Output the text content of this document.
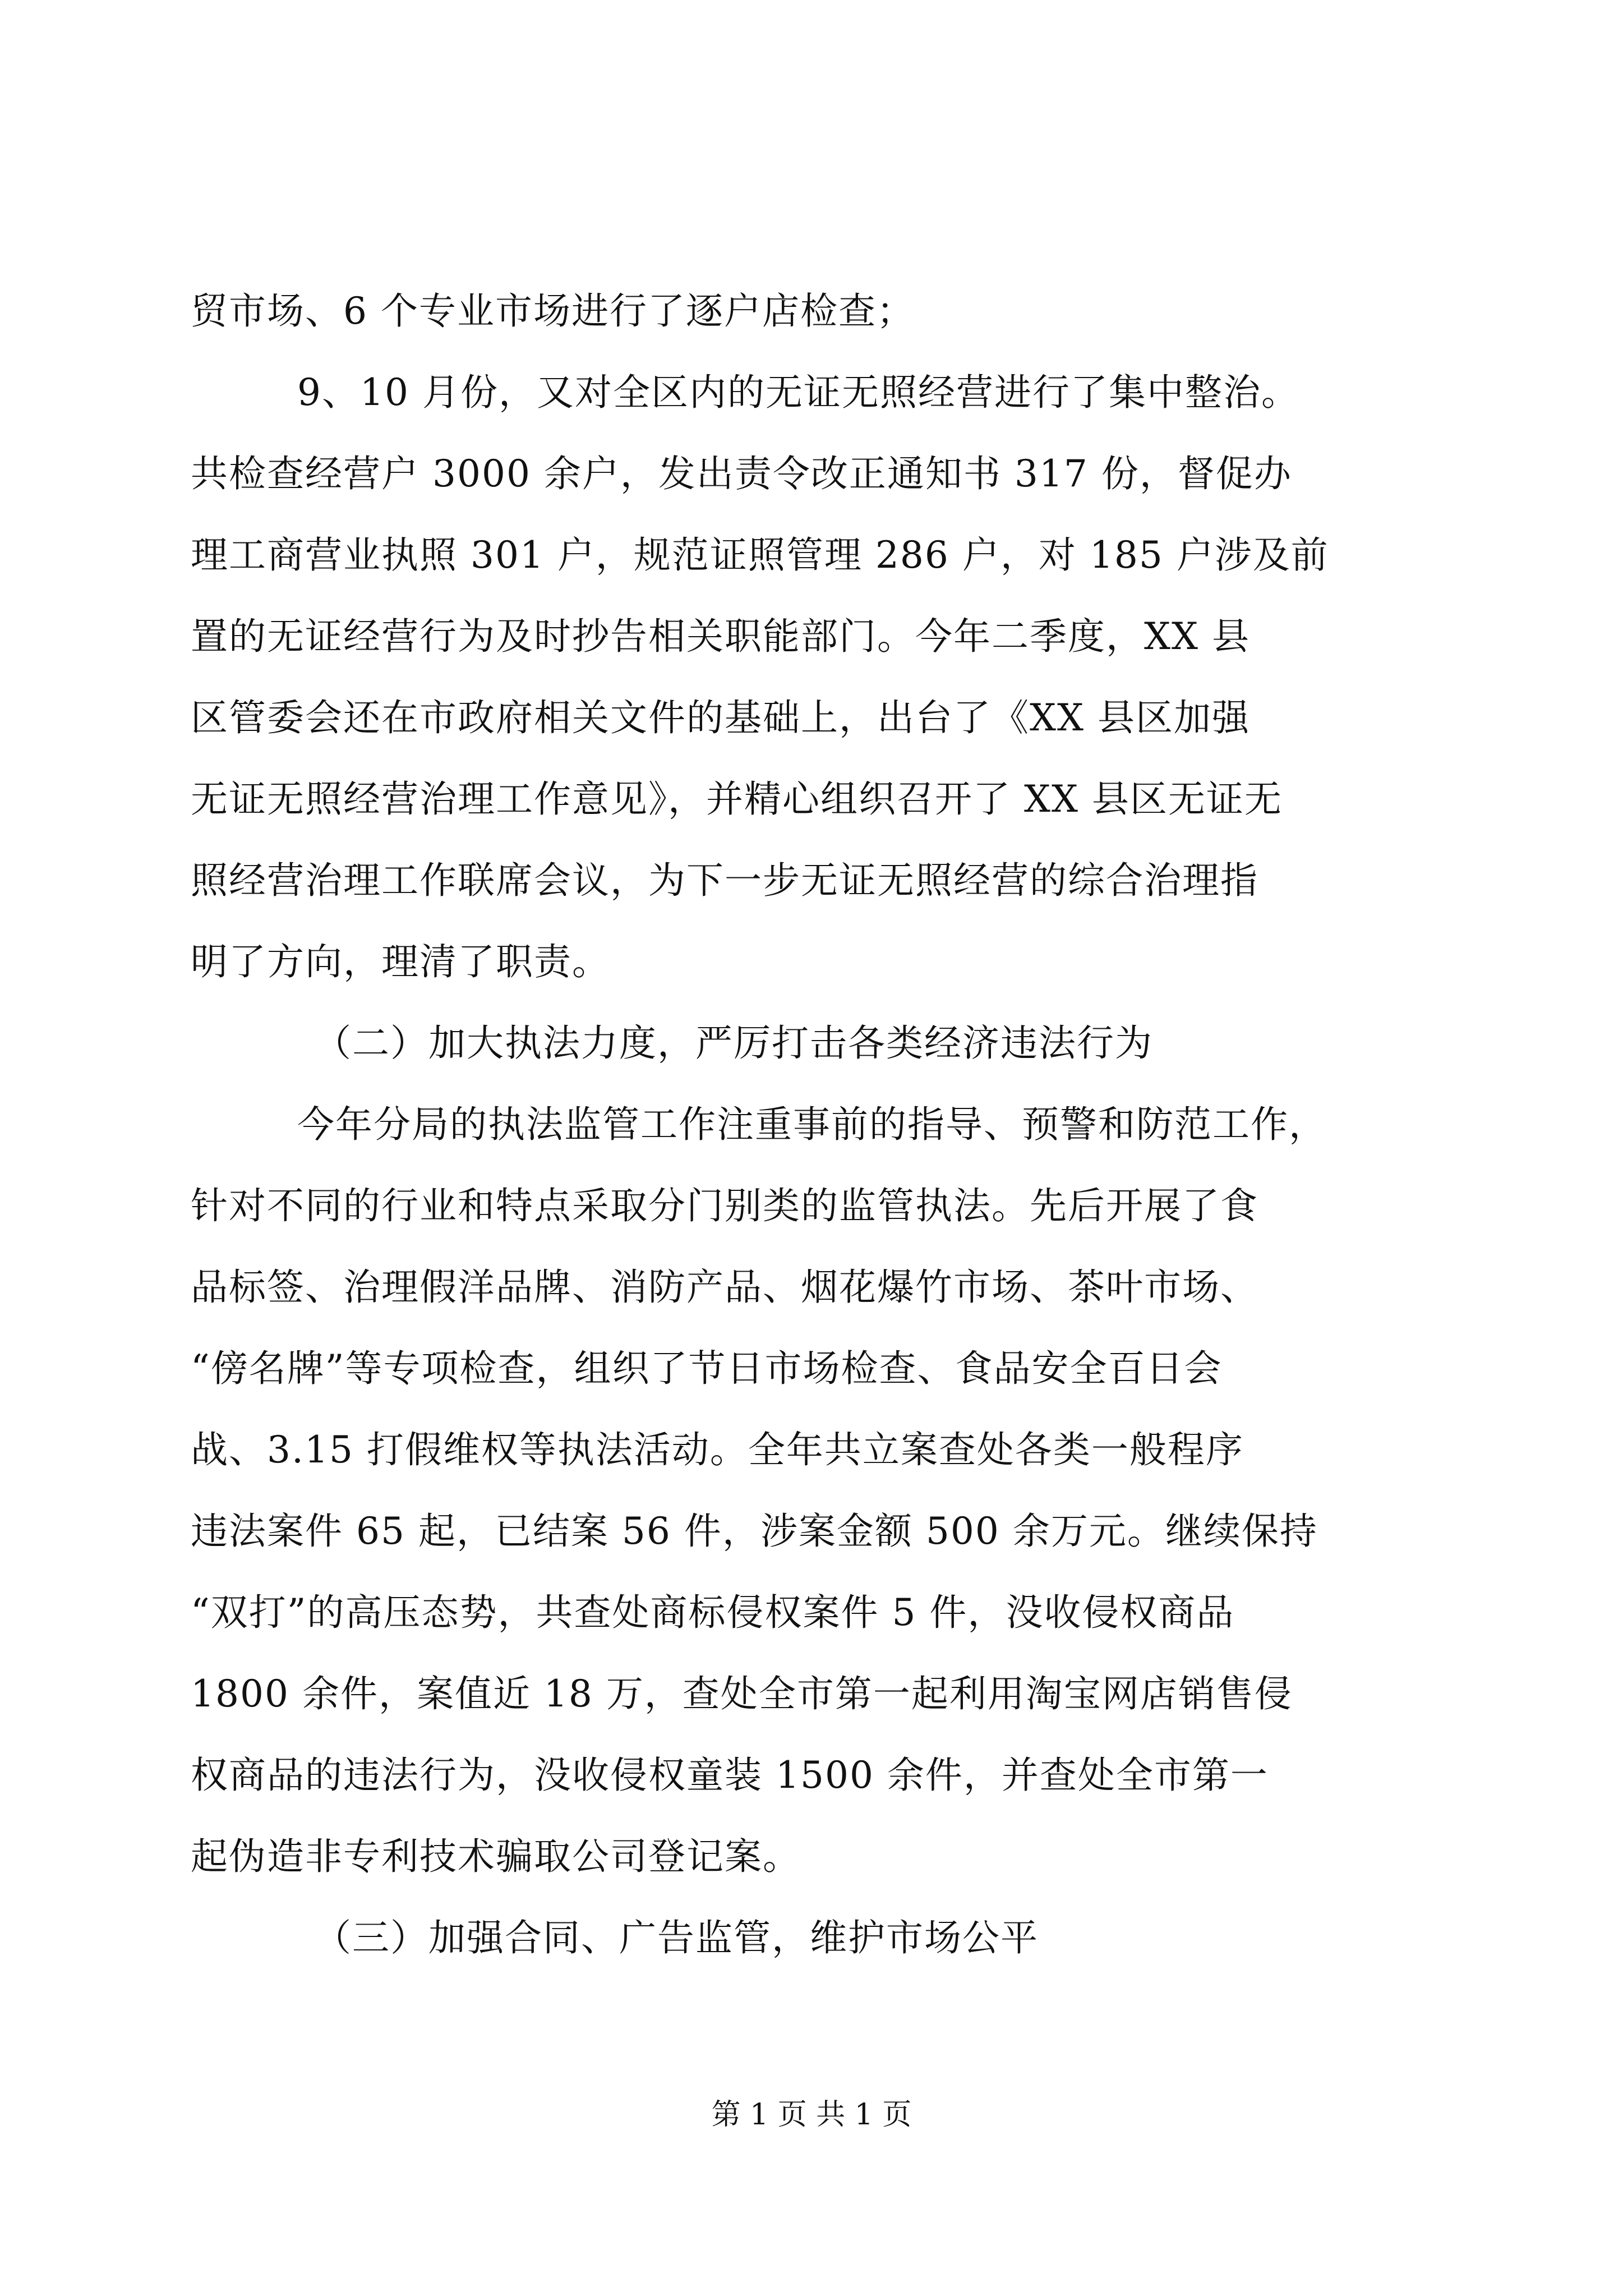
贸市场、6 个专业市场进行了逐户店检查；
9、10 月份，又对全区内的无证无照经营进行了集中整治。
共检查经营户 3000 余户，发出责令改正通知书 317 份，督促办
理工商营业执照 301 户，规范证照管理 286 户，对 185 户涉及前
置的无证经营行为及时抄告相关职能部门。今年二季度，XX 县
区管委会还在市政府相关文件的基础上，出台了《XX 县区加强
无证无照经营治理工作意见》，并精心组织召开了 XX 县区无证无
照经营治理工作联席会议，为下一步无证无照经营的综合治理指
明了方向，理清了职责。
（二）加大执法力度，严厉打击各类经济违法行为
今年分局的执法监管工作注重事前的指导、预警和防范工作，
针对不同的行业和特点采取分门别类的监管执法。先后开展了食
品标签、治理假洋品牌、消防产品、烟花爆竹市场、茶叶市场、
“傍名牌”等专项检查，组织了节日市场检查、食品安全百日会
战、3.15 打假维权等执法活动。全年共立案查处各类一般程序
违法案件 65 起，已结案 56 件，涉案金额 500 余万元。继续保持
“双打”的高压态势，共查处商标侵权案件 5 件，没收侵权商品
1800 余件，案值近 18 万，查处全市第一起利用淘宝网店销售侵
权商品的违法行为，没收侵权童装 1500 余件，并查处全市第一
起伪造非专利技术骗取公司登记案。
（三）加强合同、广告监管，维护市场公平
第 1 页 共 1 页
